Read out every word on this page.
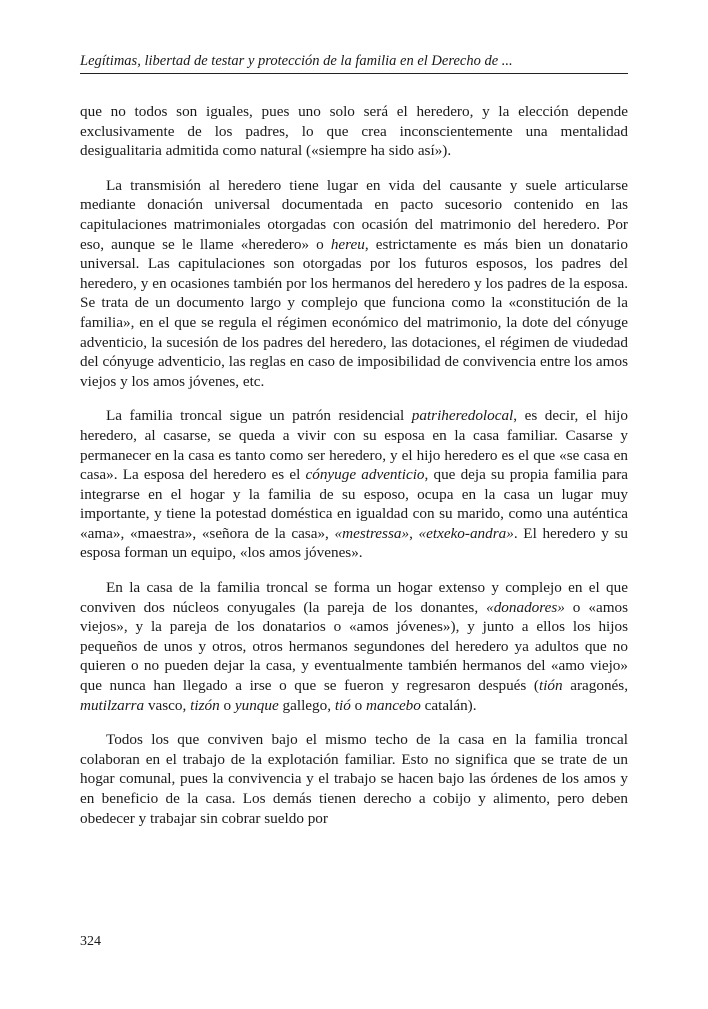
Legítimas, libertad de testar y protección de la familia en el Derecho de ...

que no todos son iguales, pues uno solo será el heredero, y la elección depende exclusivamente de los padres, lo que crea inconscientemente una mentalidad desigualitaria admitida como natural («siempre ha sido así»).

La transmisión al heredero tiene lugar en vida del causante y suele articularse mediante donación universal documentada en pacto sucesorio contenido en las capitulaciones matrimoniales otorgadas con ocasión del matrimonio del heredero. Por eso, aunque se le llame «heredero» o hereu, estrictamente es más bien un donatario universal. Las capitulaciones son otorgadas por los futuros esposos, los padres del heredero, y en ocasiones también por los hermanos del heredero y los padres de la esposa. Se trata de un documento largo y complejo que funciona como la «constitución de la familia», en el que se regula el régimen económico del matrimonio, la dote del cónyuge adventicio, la sucesión de los padres del heredero, las dotaciones, el régimen de viudedad del cónyuge adventicio, las reglas en caso de imposibilidad de convivencia entre los amos viejos y los amos jóvenes, etc.

La familia troncal sigue un patrón residencial patriheredolocal, es decir, el hijo heredero, al casarse, se queda a vivir con su esposa en la casa familiar. Casarse y permanecer en la casa es tanto como ser heredero, y el hijo heredero es el que «se casa en casa». La esposa del heredero es el cónyuge adventicio, que deja su propia familia para integrarse en el hogar y la familia de su esposo, ocupa en la casa un lugar muy importante, y tiene la potestad doméstica en igualdad con su marido, como una auténtica «ama», «maestra», «señora de la casa», «mestressa», «etxeko-andra». El heredero y su esposa forman un equipo, «los amos jóvenes».

En la casa de la familia troncal se forma un hogar extenso y complejo en el que conviven dos núcleos conyugales (la pareja de los donantes, «donadores» o «amos viejos», y la pareja de los donatarios o «amos jóvenes»), y junto a ellos los hijos pequeños de unos y otros, otros hermanos segundones del heredero ya adultos que no quieren o no pueden dejar la casa, y eventualmente también hermanos del «amo viejo» que nunca han llegado a irse o que se fueron y regresaron después (tión aragonés, mutilzarra vasco, tizón o yunque gallego, tió o mancebo catalán).

Todos los que conviven bajo el mismo techo de la casa en la familia troncal colaboran en el trabajo de la explotación familiar. Esto no significa que se trate de un hogar comunal, pues la convivencia y el trabajo se hacen bajo las órdenes de los amos y en beneficio de la casa. Los demás tienen derecho a cobijo y alimento, pero deben obedecer y trabajar sin cobrar sueldo por

324
